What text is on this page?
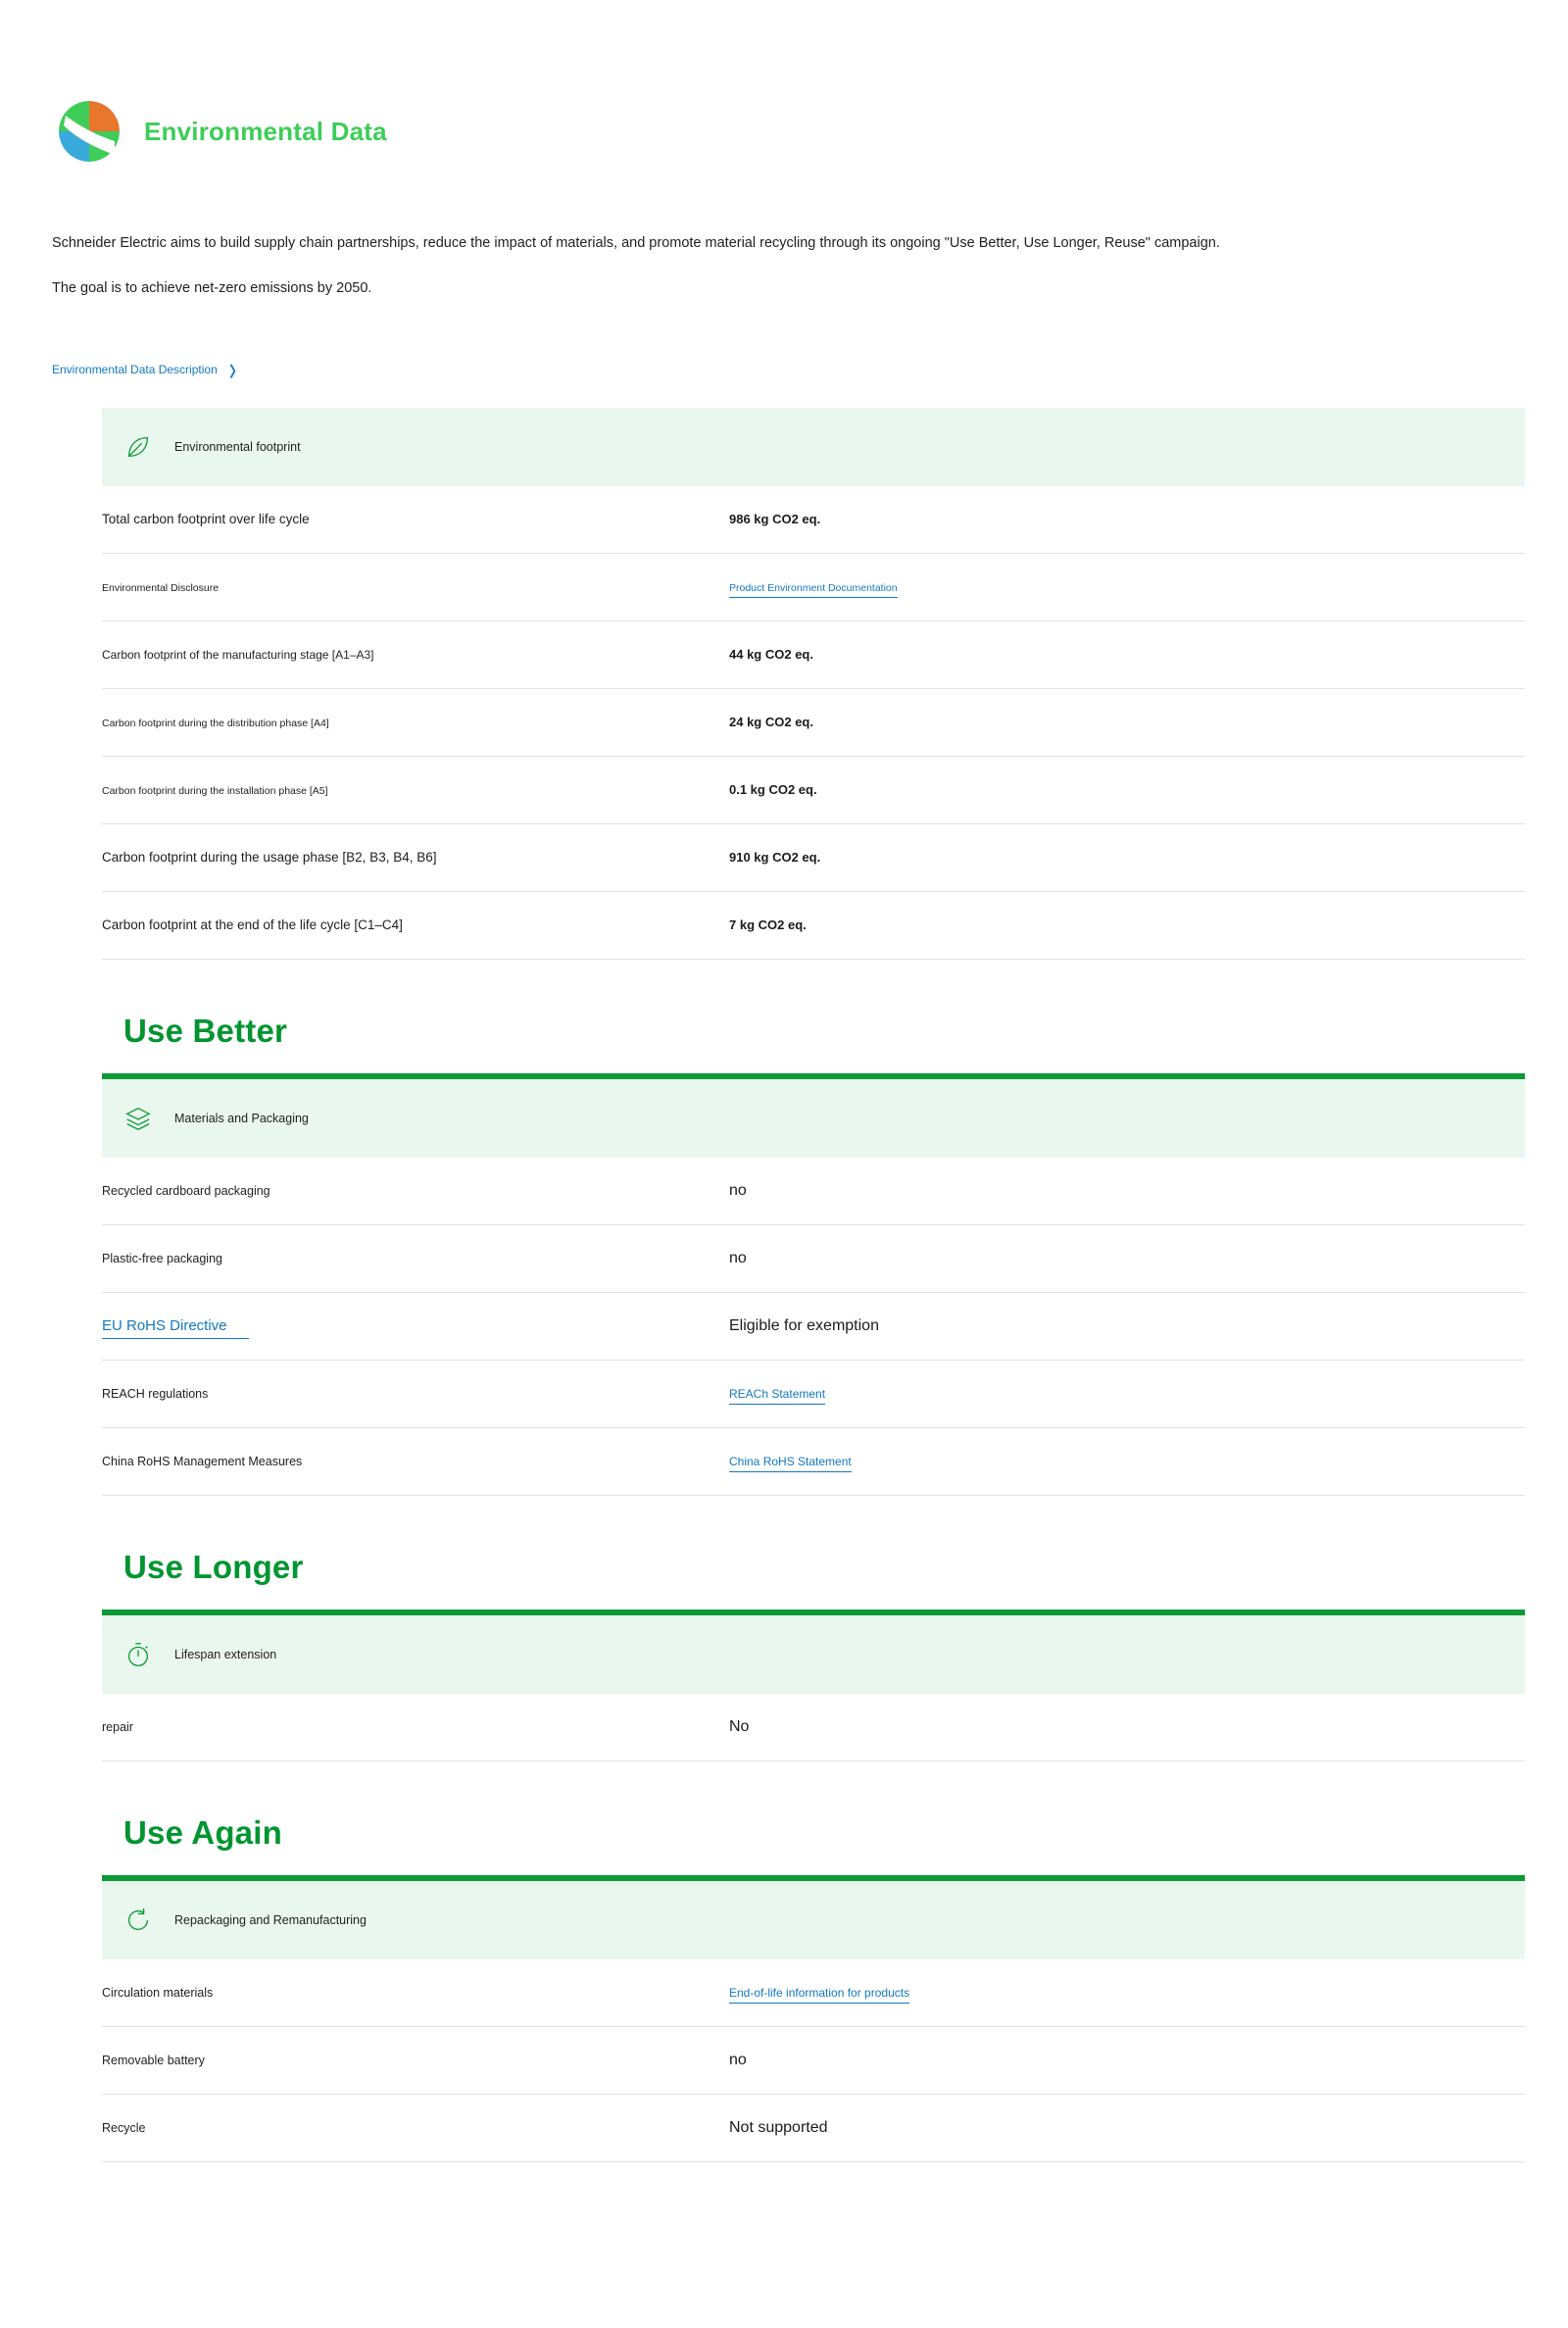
Environmental Data

Schneider Electric aims to build supply chain partnerships, reduce the impact of materials, and promote material recycling through its ongoing "Use Better, Use Longer, Reuse" campaign.

The goal is to achieve net-zero emissions by 2050.

Environmental Data Description ›
Environmental footprint
Total carbon footprint over life cycle	986 kg CO2 eq.
Environmental Disclosure	Product Environment Documentation
Carbon footprint of the manufacturing stage [A1–A3]	44 kg CO2 eq.
Carbon footprint during the distribution phase [A4]	24 kg CO2 eq.
Carbon footprint during the installation phase [A5]	0.1 kg CO2 eq.
Carbon footprint during the usage phase [B2, B3, B4, B6]	910 kg CO2 eq.
Carbon footprint at the end of the life cycle [C1–C4]	7 kg CO2 eq.
Use Better
Materials and Packaging
Recycled cardboard packaging	no
Plastic-free packaging	no
EU RoHS Directive	Eligible for exemption
REACH regulations	REACh Statement
China RoHS Management Measures	China RoHS Statement
Use Longer
Lifespan extension
repair	No
Use Again
Repackaging and Remanufacturing
Circulation materials	End-of-life information for products
Removable battery	no
Recycle	Not supported
